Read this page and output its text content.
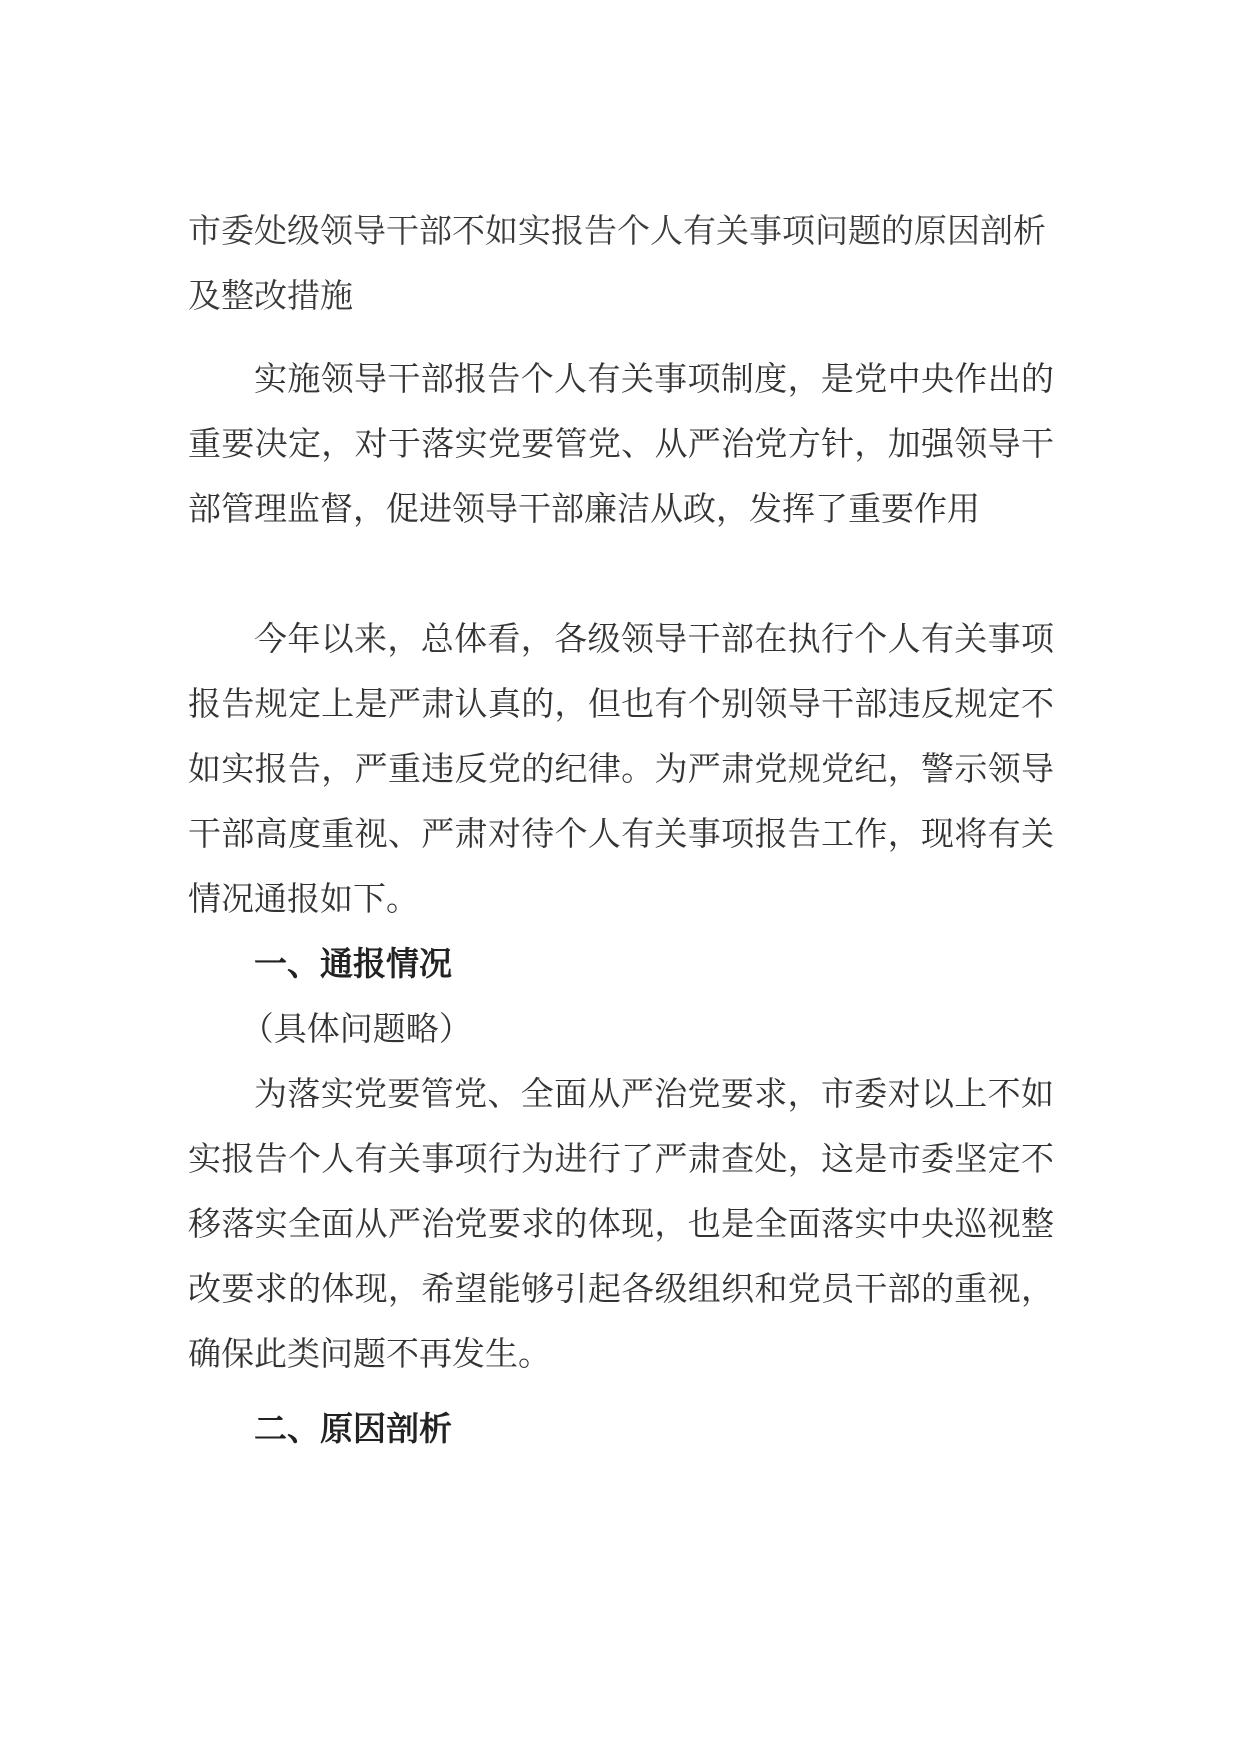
市委处级领导干部不如实报告个人有关事项问题的原因剖析及整改措施

实施领导干部报告个人有关事项制度，是党中央作出的重要决定，对于落实党要管党、从严治党方针，加强领导干部管理监督，促进领导干部廉洁从政，发挥了重要作用

今年以来，总体看，各级领导干部在执行个人有关事项报告规定上是严肃认真的，但也有个别领导干部违反规定不如实报告，严重违反党的纪律。为严肃党规党纪，警示领导干部高度重视、严肃对待个人有关事项报告工作，现将有关情况通报如下。

一、通报情况

（具体问题略）

为落实党要管党、全面从严治党要求，市委对以上不如实报告个人有关事项行为进行了严肃查处，这是市委坚定不移落实全面从严治党要求的体现，也是全面落实中央巡视整改要求的体现，希望能够引起各级组织和党员干部的重视，确保此类问题不再发生。

二、原因剖析
